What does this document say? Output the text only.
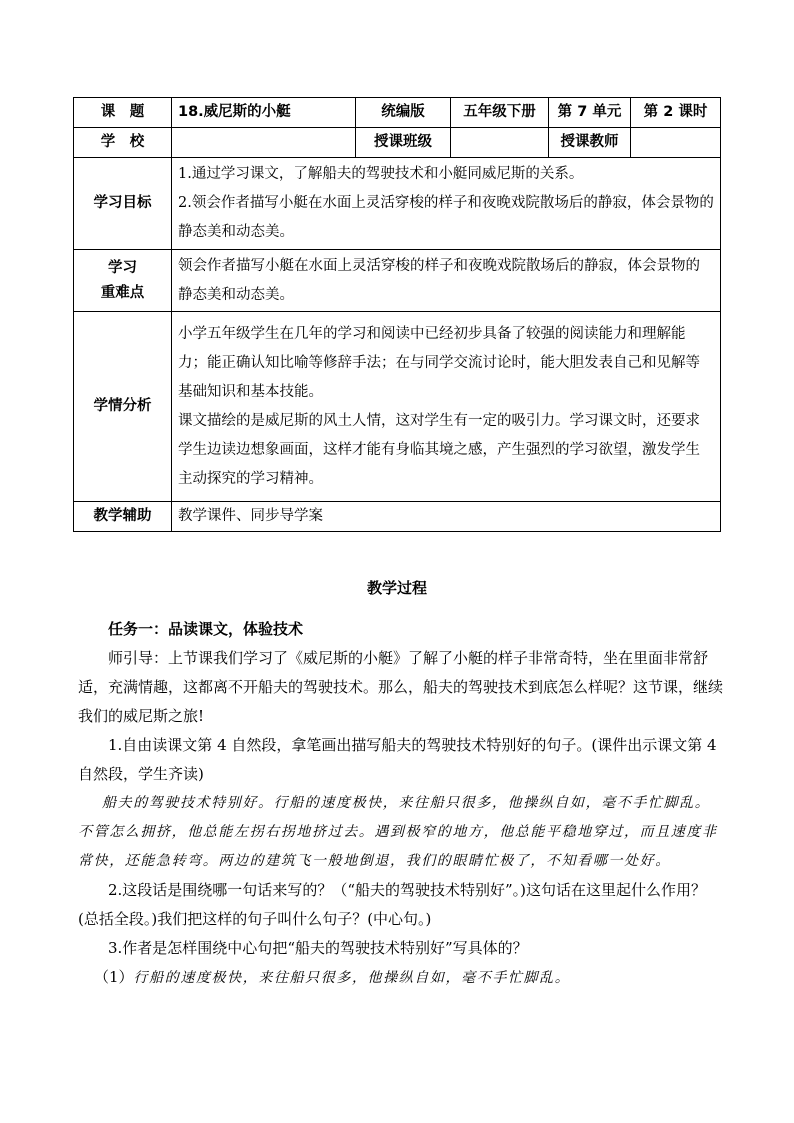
课　题	18.威尼斯的小艇	统编版	五年级下册	第 7 单元	第 2 课时
学　校		授课班级		授课教师	
学习目标	1.通过学习课文，了解船夫的驾驶技术和小艇同威尼斯的关系。

2.领会作者描写小艇在水面上灵活穿梭的样子和夜晚戏院散场后的静寂，体会景物的静态美和动态美。				

学习
重难点	领会作者描写小艇在水面上灵活穿梭的样子和夜晚戏院散场后的静寂，体会景物的静态美和动态美。				
学情分析	小学五年级学生在几年的学习和阅读中已经初步具备了较强的阅读能力和理解能力；能正确认知比喻等修辞手法；在与同学交流讨论时，能大胆发表自己和见解等基础知识和基本技能。

课文描绘的是威尼斯的风土人情，这对学生有一定的吸引力。学习课文时，还要求学生边读边想象画面，这样才能有身临其境之感，产生强烈的学习欲望，激发学生主动探究的学习精神。				

教学辅助	教学课件、同步导学案				
教学过程

任务一：品读课文，体验技术

师引导：上节课我们学习了《威尼斯的小艇》了解了小艇的样子非常奇特，坐在里面非常舒适，充满情趣，这都离不开船夫的驾驶技术。那么，船夫的驾驶技术到底怎么样呢？这节课，继续我们的威尼斯之旅!

1.自由读课文第 4 自然段，拿笔画出描写船夫的驾驶技术特别好的句子。(课件出示课文第 4 自然段，学生齐读)

船夫的驾驶技术特别好。行船的速度极快，来往船只很多，他操纵自如，毫不手忙脚乱。不管怎么拥挤，他总能左拐右拐地挤过去。遇到极窄的地方，他总能平稳地穿过，而且速度非常快，还能急转弯。两边的建筑飞一般地倒退，我们的眼睛忙极了，不知看哪一处好。

2.这段话是围绕哪一句话来写的？（“船夫的驾驶技术特别好”。)这句话在这里起什么作用？(总括全段。)我们把这样的句子叫什么句子？(中心句。)

3.作者是怎样围绕中心句把“船夫的驾驶技术特别好”写具体的？

（1）行船的速度极快，来往船只很多，他操纵自如，毫不手忙脚乱。
